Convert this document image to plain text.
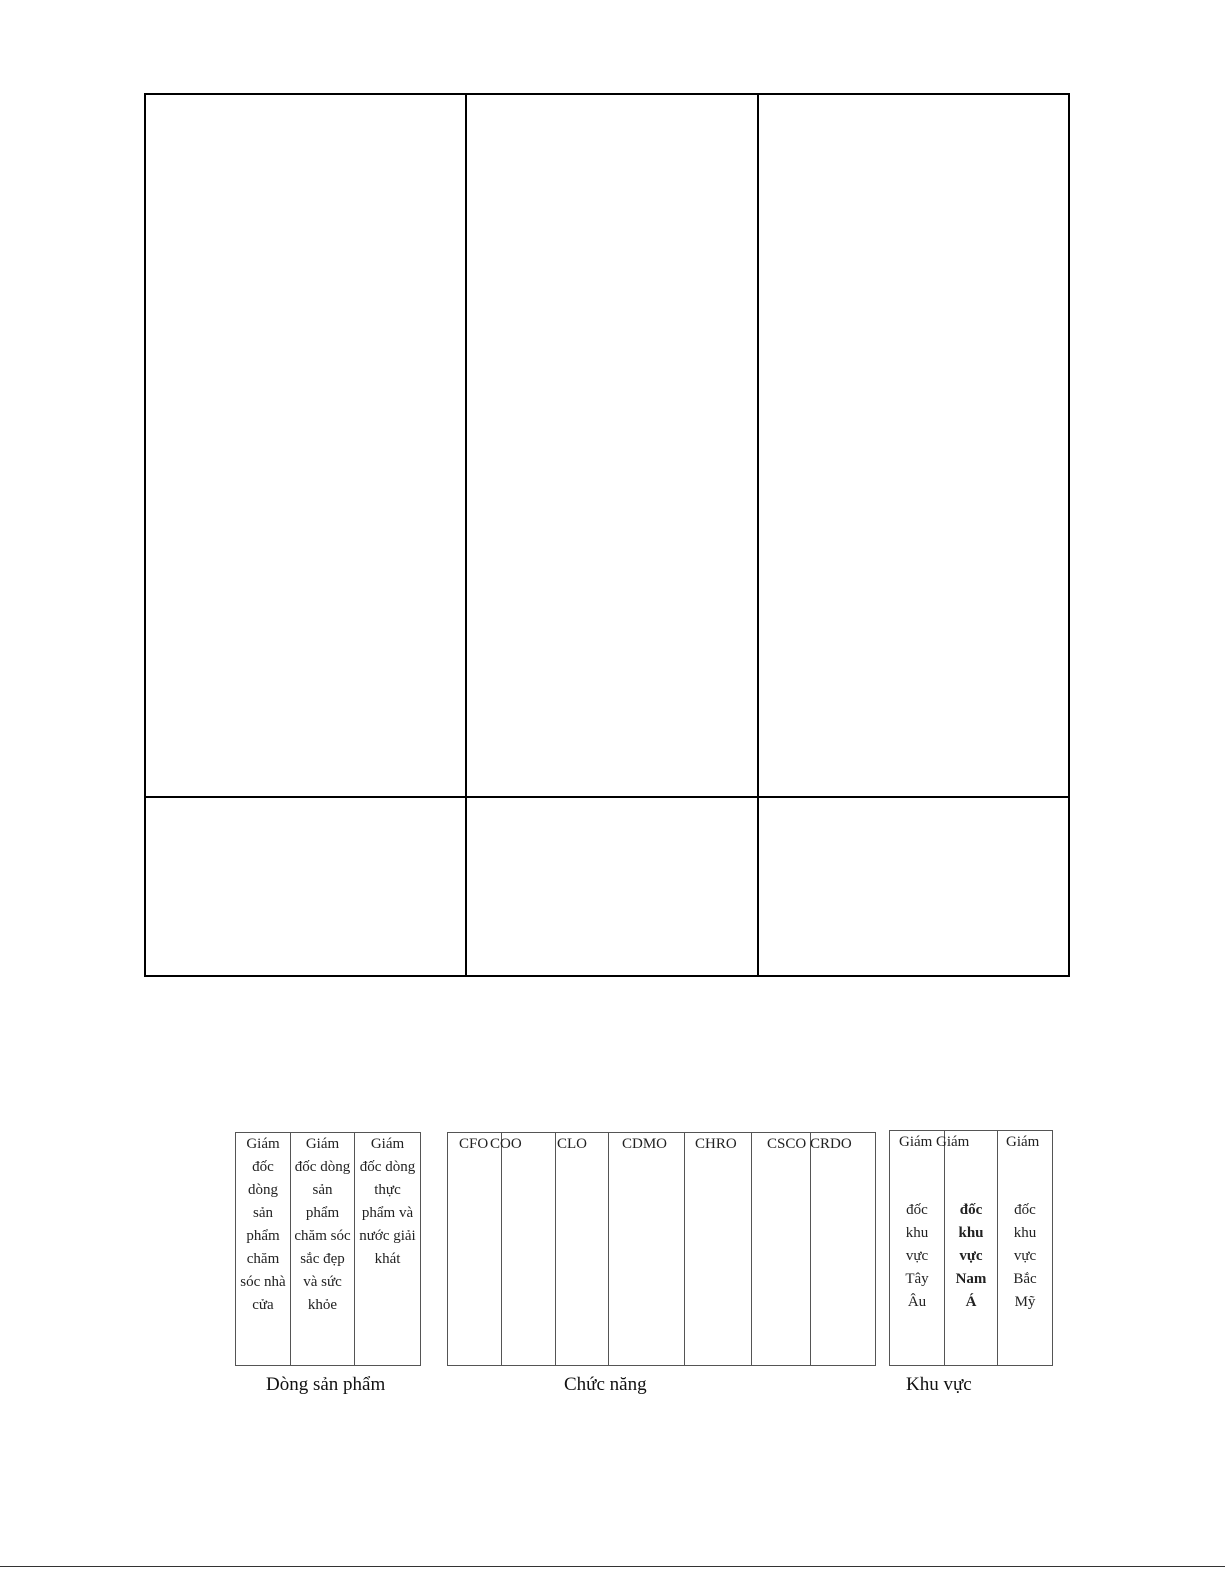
Giám
đốc
dòng
sản
phẩm
chăm
sóc nhà
cửa
Giám
đốc dòng
sản
phẩm
chăm sóc
sắc đẹp
và sức
khỏe
Giám
đốc dòng
thực
phẩm và
nước giải
khát
Dòng sản phẩm
CFO COO CLO CDMO CHRO CSCO CRDO
Chức năng
Giám Giám Giám
đốc
khu
vực
Tây
Âu
đốc
khu
vực
Nam
Á
đốc
khu
vực
Bắc
Mỹ
Khu vực
